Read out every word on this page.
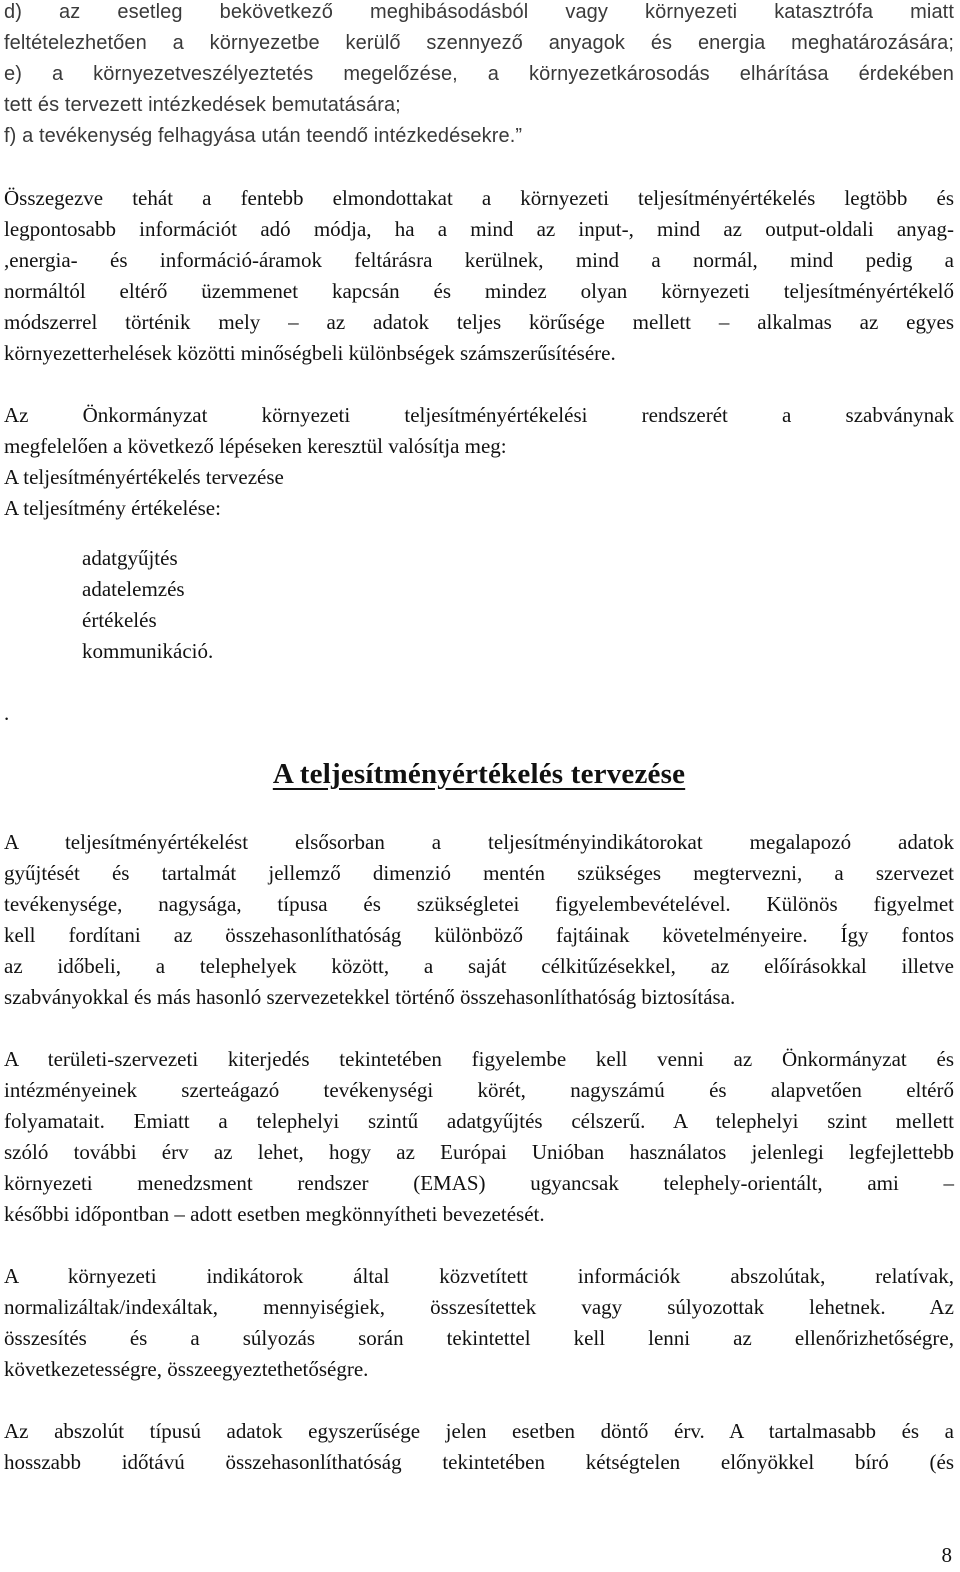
d) az esetleg bekövetkező meghibásodásból vagy környezeti katasztrófa miatt

feltételezhetően a környezetbe kerülő szennyező anyagok és energia meghatározására;

e) a környezetveszélyeztetés megelőzése, a környezetkárosodás elhárítása érdekében

tett és tervezett intézkedések bemutatására;

f) a tevékenység felhagyása után teendő intézkedésekre.”

Összegezve tehát a fentebb elmondottakat a környezeti teljesítményértékelés legtöbb és

legpontosabb információt adó módja, ha a mind az input-, mind az output-oldali anyag-

,energia- és információ-áramok feltárásra kerülnek, mind a normál, mind pedig a

normáltól eltérő üzemmenet kapcsán és mindez olyan környezeti teljesítményértékelő

módszerrel történik mely – az adatok teljes körűsége mellett – alkalmas az egyes

környezetterhelések közötti minőségbeli különbségek számszerűsítésére.

Az Önkormányzat környezeti teljesítményértékelési rendszerét a szabványnak

megfelelően a következő lépéseken keresztül valósítja meg:

A teljesítményértékelés tervezése

A teljesítmény értékelése:

adatgyűjtés

adatelemzés

értékelés

kommunikáció.

.

A teljesítményértékelés tervezése

A teljesítményértékelést elsősorban a teljesítményindikátorokat megalapozó adatok

gyűjtését és tartalmát jellemző dimenzió mentén szükséges megtervezni, a szervezet

tevékenysége, nagysága, típusa és szükségletei figyelembevételével. Különös figyelmet

kell fordítani az összehasonlíthatóság különböző fajtáinak követelményeire. Így fontos

az időbeli, a telephelyek között, a saját célkitűzésekkel, az előírásokkal illetve

szabványokkal és más hasonló szervezetekkel történő összehasonlíthatóság biztosítása.

A területi-szervezeti kiterjedés tekintetében figyelembe kell venni az Önkormányzat és

intézményeinek szerteágazó tevékenységi körét, nagyszámú és alapvetően eltérő

folyamatait. Emiatt a telephelyi szintű adatgyűjtés célszerű. A telephelyi szint mellett

szóló további érv az lehet, hogy az Európai Unióban használatos jelenlegi legfejlettebb

környezeti menedzsment rendszer (EMAS) ugyancsak telephely-orientált, ami –

későbbi időpontban – adott esetben megkönnyítheti bevezetését.

A környezeti indikátorok által közvetített információk abszolútak, relatívak,

normalizáltak/indexáltak, mennyiségiek, összesítettek vagy súlyozottak lehetnek. Az

összesítés és a súlyozás során tekintettel kell lenni az ellenőrizhetőségre,

következetességre, összeegyeztethetőségre.

Az abszolút típusú adatok egyszerűsége jelen esetben döntő érv. A tartalmasabb és a

hosszabb időtávú összehasonlíthatóság tekintetében kétségtelen előnyökkel bíró (és

8
